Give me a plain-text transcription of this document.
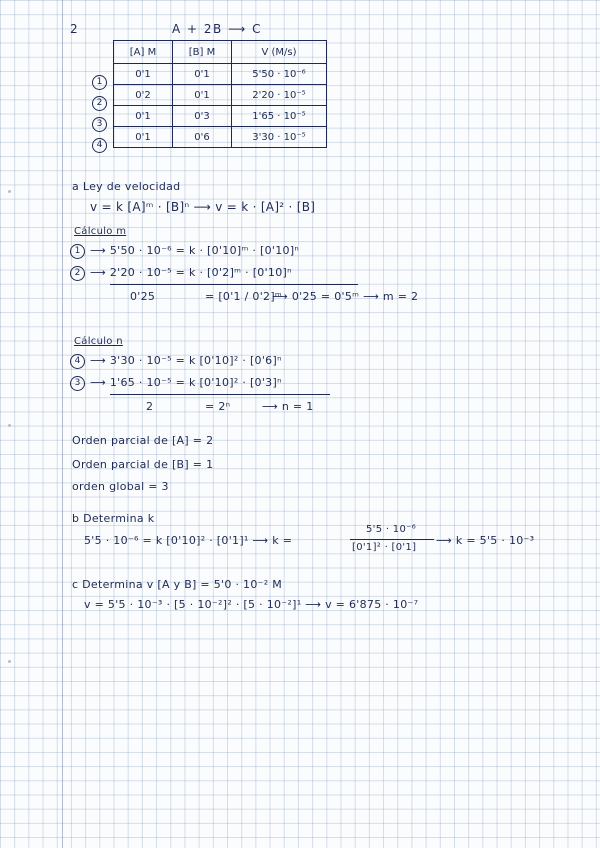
2	A + 2B ⟶ C
1
2
3
4
[A] M	[B] M	V (M/s)
0'1	0'1	5'50 · 10⁻⁶
0'2	0'1	2'20 · 10⁻⁵
0'1	0'3	1'65 · 10⁻⁵
0'1	0'6	3'30 · 10⁻⁵
a Ley de velocidad
v = k [A]ᵐ · [B]ⁿ ⟶ v = k · [A]² · [B]
Cálculo m
1 ⟶ 5'50 · 10⁻⁶ = k · [0'10]ᵐ · [0'10]ⁿ
2 ⟶ 2'20 · 10⁻⁵ = k · [0'2]ᵐ · [0'10]ⁿ
0'25	= [0'1 / 0'2]ᵐ
⟶ 0'25 = 0'5ᵐ ⟶ m = 2
Cálculo n
4 ⟶ 3'30 · 10⁻⁵ = k [0'10]² · [0'6]ⁿ
3 ⟶ 1'65 · 10⁻⁵ = k [0'10]² · [0'3]ⁿ
2	= 2ⁿ	⟶ n = 1
Orden parcial de [A] = 2
Orden parcial de [B] = 1
orden global = 3
b Determina k
5'5 · 10⁻⁶ = k [0'10]² · [0'1]¹ ⟶ k =
5'5 · 10⁻⁶
[0'1]² · [0'1]
⟶ k = 5'5 · 10⁻³
c Determina v [A y B] = 5'0 · 10⁻² M
v = 5'5 · 10⁻³ · [5 · 10⁻²]² · [5 · 10⁻²]¹ ⟶ v = 6'875 · 10⁻⁷
